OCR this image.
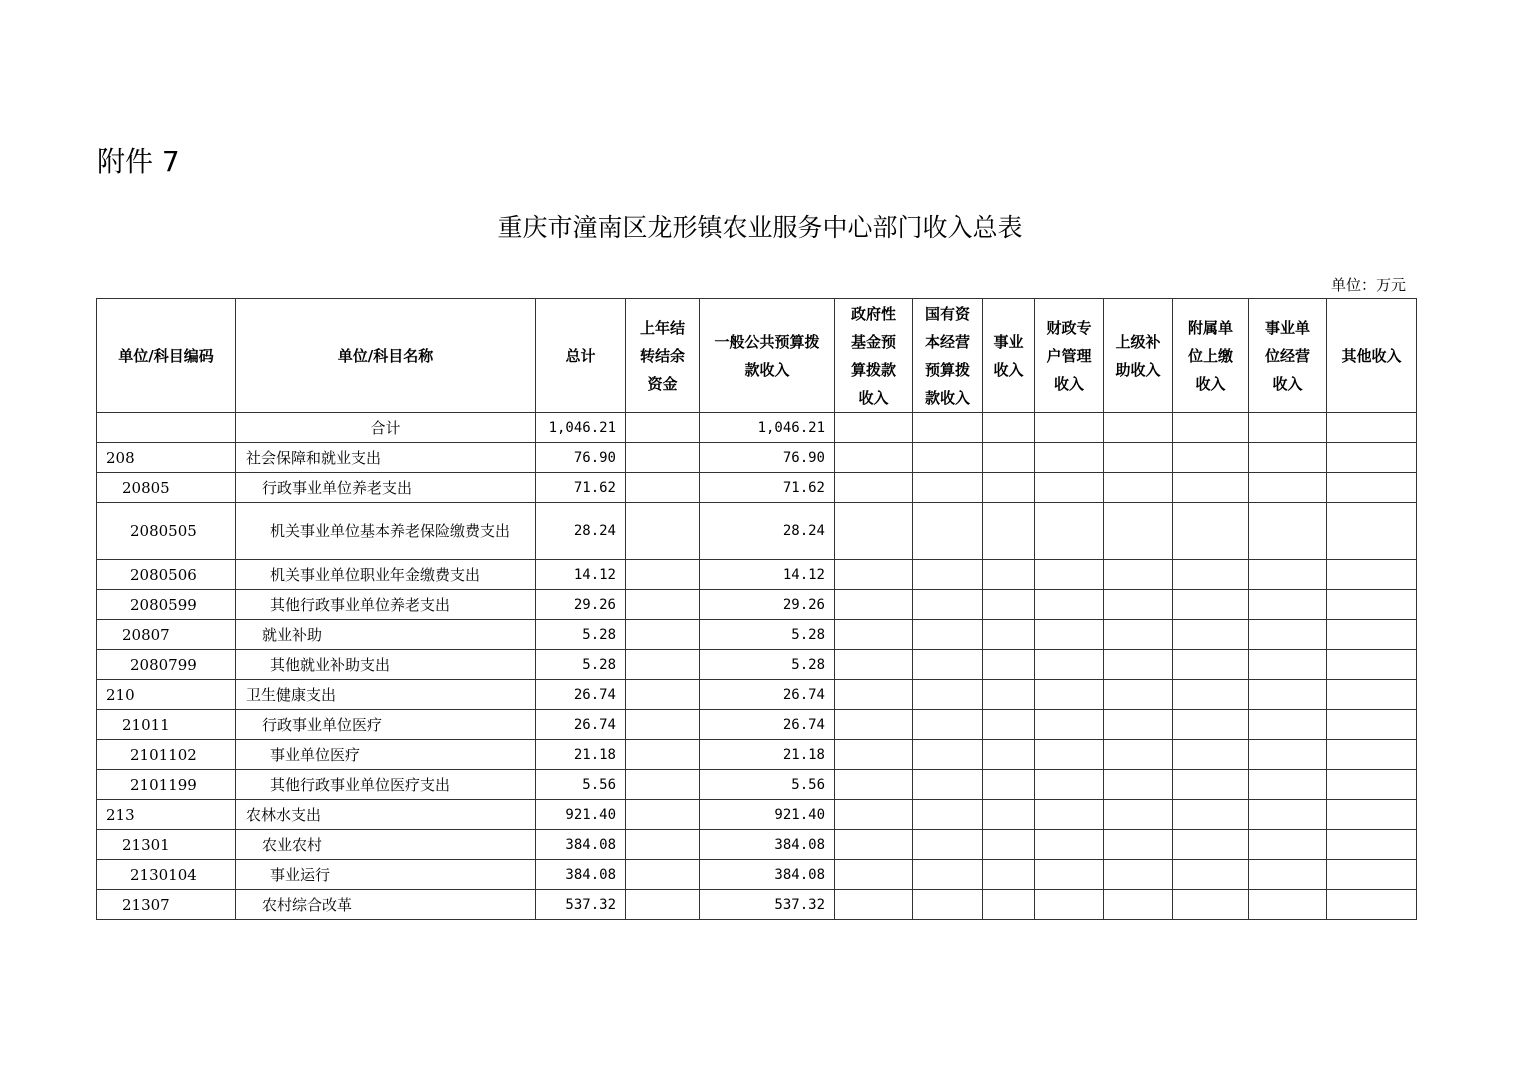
附件 7
重庆市潼南区龙形镇农业服务中心部门收入总表
单位：万元
单位/科目编码	单位/科目名称	总计	上年结
转结余
资金	一般公共预算拨
款收入	政府性
基金预
算拨款
收入	国有资
本经营
预算拨
款收入	事业
收入	财政专
户管理
收入	上级补
助收入	附属单
位上缴
收入	事业单
位经营
收入	其他收入
	合计	1,046.21		1,046.21								
208	社会保障和就业支出	76.90		76.90								
20805	行政事业单位养老支出	71.62		71.62								
2080505	机关事业单位基本养老保险缴费支出	28.24		28.24								
2080506	机关事业单位职业年金缴费支出	14.12		14.12								
2080599	其他行政事业单位养老支出	29.26		29.26								
20807	就业补助	5.28		5.28								
2080799	其他就业补助支出	5.28		5.28								
210	卫生健康支出	26.74		26.74								
21011	行政事业单位医疗	26.74		26.74								
2101102	事业单位医疗	21.18		21.18								
2101199	其他行政事业单位医疗支出	5.56		5.56								
213	农林水支出	921.40		921.40								
21301	农业农村	384.08		384.08								
2130104	事业运行	384.08		384.08								
21307	农村综合改革	537.32		537.32								
